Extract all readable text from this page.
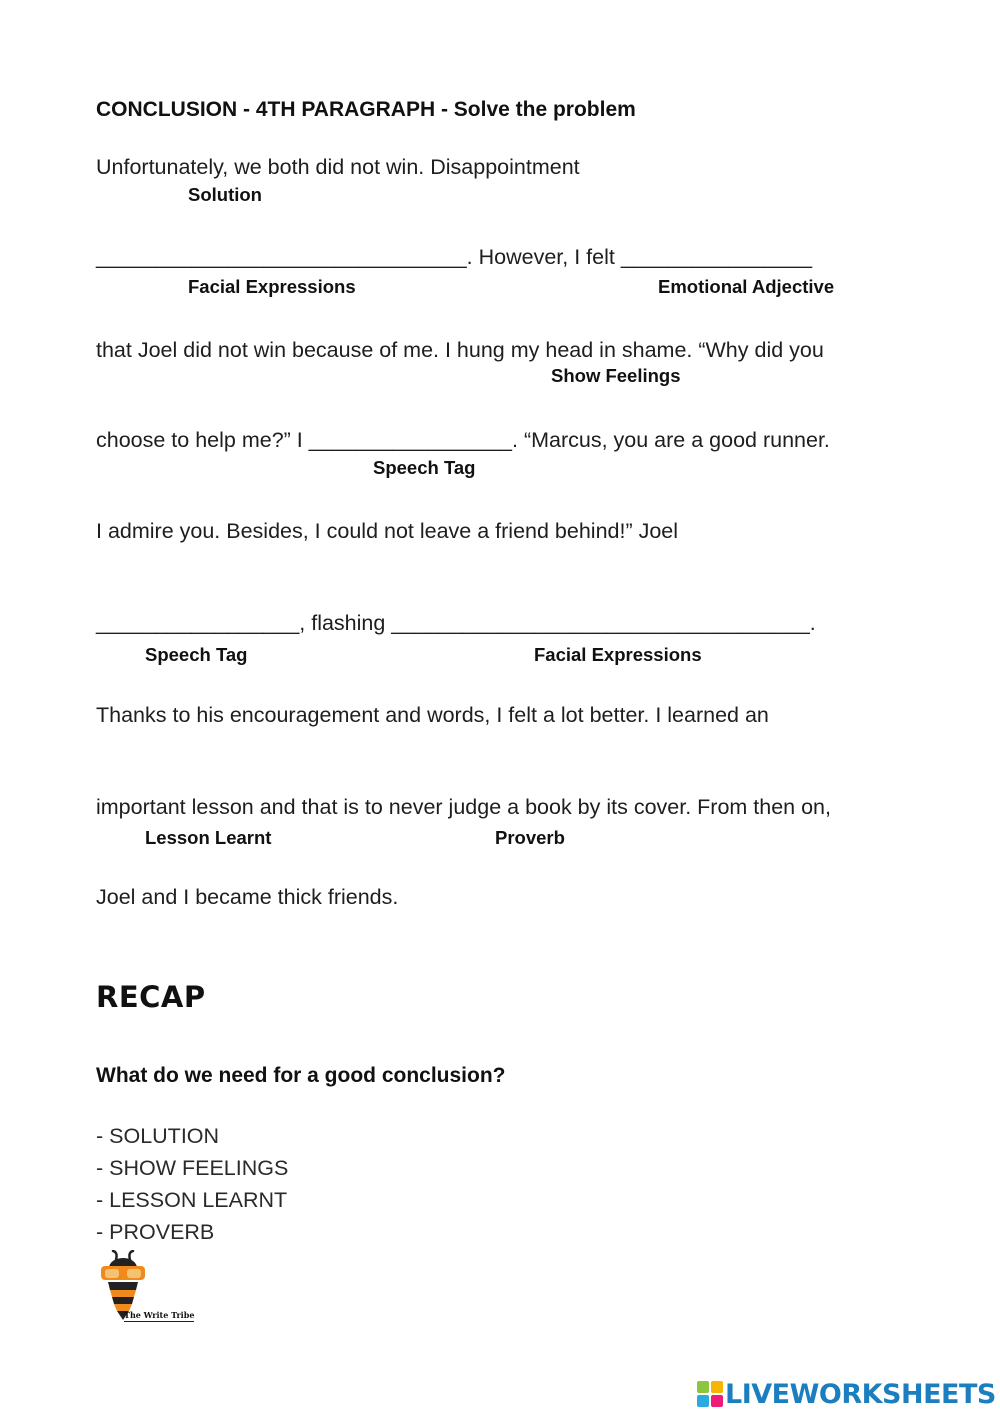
CONCLUSION - 4TH PARAGRAPH - Solve the problem
Unfortunately, we both did not win. Disappointment
Solution
_______________________________. However, I felt ________________
Facial Expressions	Emotional Adjective
that Joel did not win because of me. I hung my head in shame. “Why did you
Show Feelings
choose to help me?” I _________________. “Marcus, you are a good runner.
Speech Tag
I admire you. Besides, I could not leave a friend behind!” Joel
_________________, flashing ___________________________________.
Speech Tag	Facial Expressions
Thanks to his encouragement and words, I felt a lot better. I learned an
important lesson and that is to never judge a book by its cover. From then on,
Lesson Learnt	Proverb
Joel and I became thick friends.
RECAP
What do we need for a good conclusion?
- SOLUTION
- SHOW FEELINGS
- LESSON LEARNT
- PROVERB
The Write Tribe
LIVEWORKSHEETS
